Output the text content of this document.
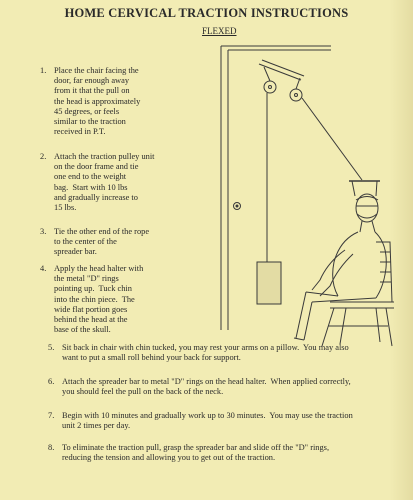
HOME CERVICAL TRACTION INSTRUCTIONS
FLEXED
1. Place the chair facing the
door, far enough away
from it that the pull on
the head is approximately
45 degrees, or feels
similar to the traction
received in P.T.
2. Attach the traction pulley unit
on the door frame and tie
one end to the weight
bag.  Start with 10 lbs
and gradually increase to
15 lbs.
3. Tie the other end of the rope
to the center of the
spreader bar.
4. Apply the head halter with
the metal "D" rings
pointing up.  Tuck chin
into the chin piece.  The
wide flat portion goes
behind the head at the
base of the skull.
5. Sit back in chair with chin tucked, you may rest your arms on a pillow.  You may also
want to put a small roll behind your back for support.
6. Attach the spreader bar to metal "D" rings on the head halter.  When applied correctly,
you should feel the pull on the back of the neck.
7. Begin with 10 minutes and gradually work up to 30 minutes.  You may use the traction
unit 2 times per day.
8. To eliminate the traction pull, grasp the spreader bar and slide off the "D" rings,
reducing the tension and allowing you to get out of the traction.
